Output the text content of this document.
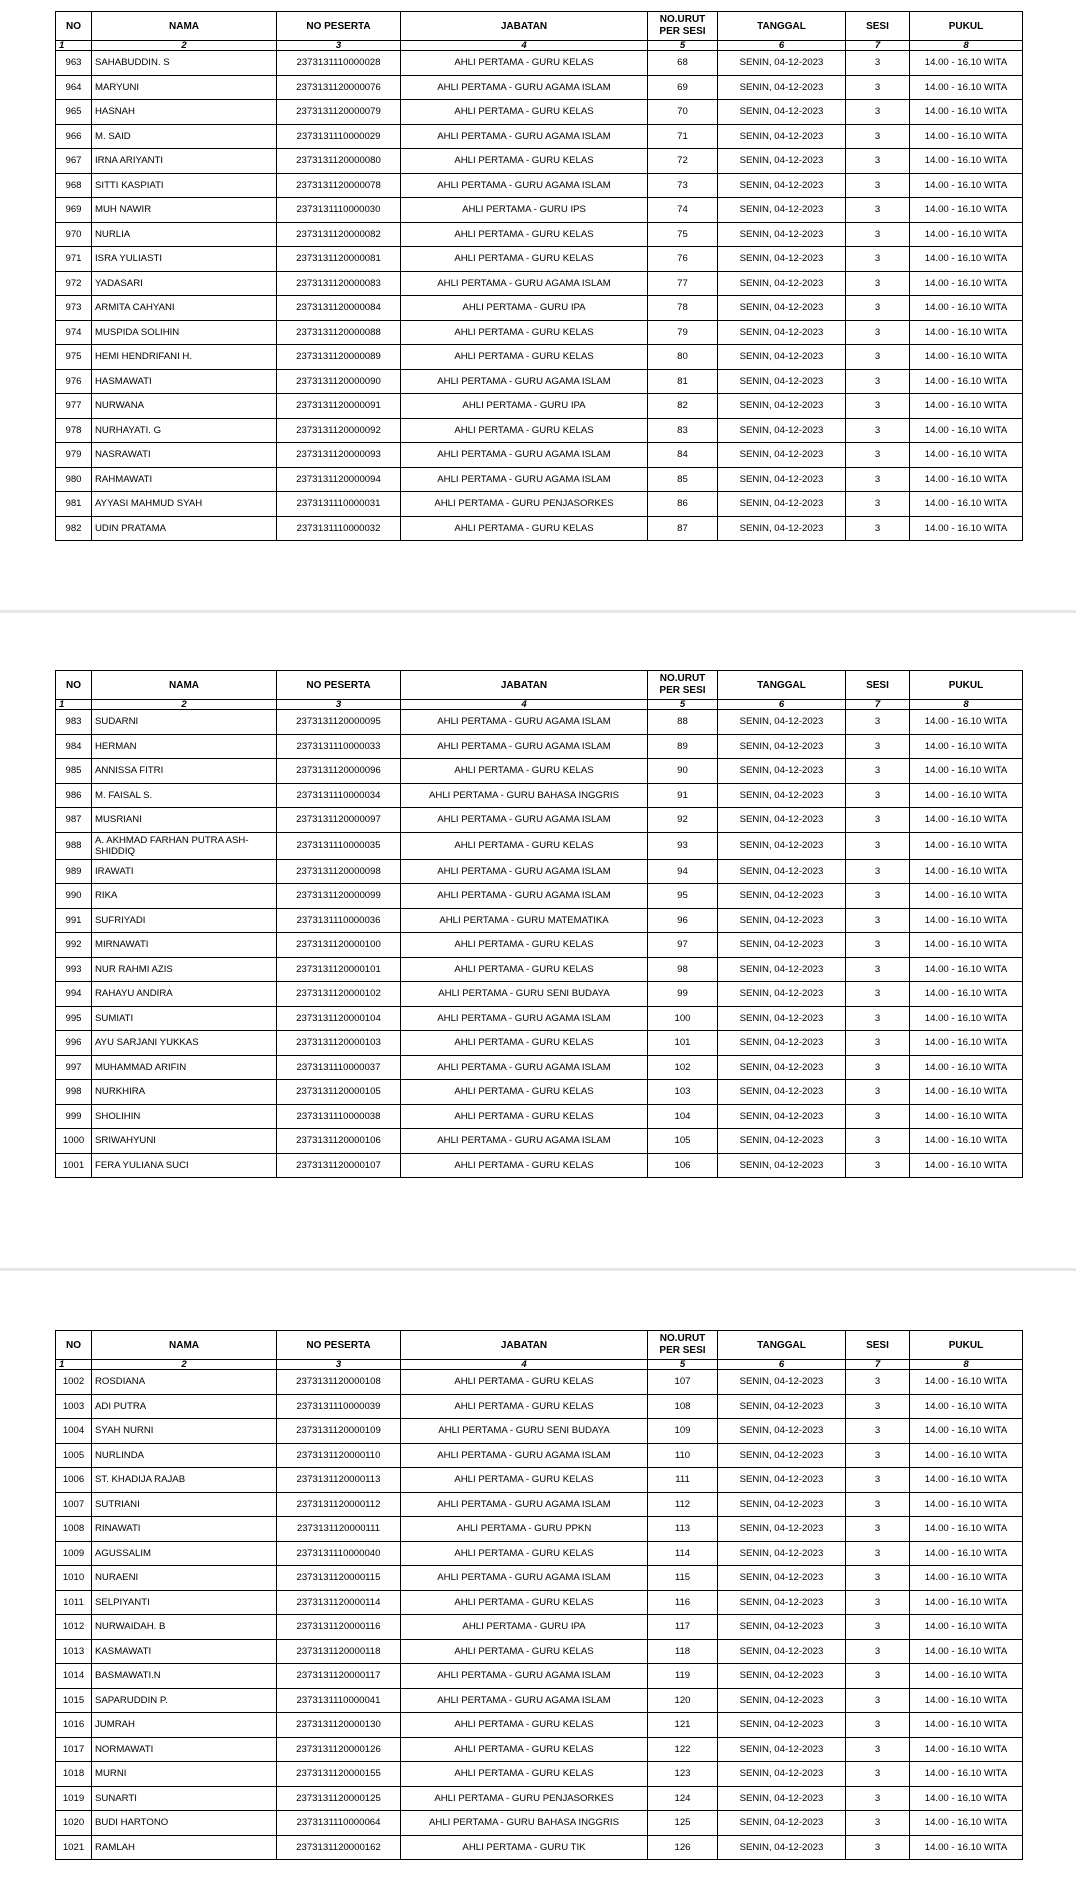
NO	NAMA	NO PESERTA	JABATAN	NO.URUT PER SESI	TANGGAL	SESI	PUKUL
1	2	3	4	5	6	7	8
963	SAHABUDDIN. S	2373131110000028	AHLI PERTAMA - GURU KELAS	68	SENIN, 04-12-2023	3	14.00 - 16.10 WITA
964	MARYUNI	2373131120000076	AHLI PERTAMA - GURU AGAMA ISLAM	69	SENIN, 04-12-2023	3	14.00 - 16.10 WITA
965	HASNAH	2373131120000079	AHLI PERTAMA - GURU KELAS	70	SENIN, 04-12-2023	3	14.00 - 16.10 WITA
966	M. SAID	2373131110000029	AHLI PERTAMA - GURU AGAMA ISLAM	71	SENIN, 04-12-2023	3	14.00 - 16.10 WITA
967	IRNA ARIYANTI	2373131120000080	AHLI PERTAMA - GURU KELAS	72	SENIN, 04-12-2023	3	14.00 - 16.10 WITA
968	SITTI KASPIATI	2373131120000078	AHLI PERTAMA - GURU AGAMA ISLAM	73	SENIN, 04-12-2023	3	14.00 - 16.10 WITA
969	MUH NAWIR	2373131110000030	AHLI PERTAMA - GURU IPS	74	SENIN, 04-12-2023	3	14.00 - 16.10 WITA
970	NURLIA	2373131120000082	AHLI PERTAMA - GURU KELAS	75	SENIN, 04-12-2023	3	14.00 - 16.10 WITA
971	ISRA YULIASTI	2373131120000081	AHLI PERTAMA - GURU KELAS	76	SENIN, 04-12-2023	3	14.00 - 16.10 WITA
972	YADASARI	2373131120000083	AHLI PERTAMA - GURU AGAMA ISLAM	77	SENIN, 04-12-2023	3	14.00 - 16.10 WITA
973	ARMITA CAHYANI	2373131120000084	AHLI PERTAMA - GURU IPA	78	SENIN, 04-12-2023	3	14.00 - 16.10 WITA
974	MUSPIDA SOLIHIN	2373131120000088	AHLI PERTAMA - GURU KELAS	79	SENIN, 04-12-2023	3	14.00 - 16.10 WITA
975	HEMI HENDRIFANI H.	2373131120000089	AHLI PERTAMA - GURU KELAS	80	SENIN, 04-12-2023	3	14.00 - 16.10 WITA
976	HASMAWATI	2373131120000090	AHLI PERTAMA - GURU AGAMA ISLAM	81	SENIN, 04-12-2023	3	14.00 - 16.10 WITA
977	NURWANA	2373131120000091	AHLI PERTAMA - GURU IPA	82	SENIN, 04-12-2023	3	14.00 - 16.10 WITA
978	NURHAYATI. G	2373131120000092	AHLI PERTAMA - GURU KELAS	83	SENIN, 04-12-2023	3	14.00 - 16.10 WITA
979	NASRAWATI	2373131120000093	AHLI PERTAMA - GURU AGAMA ISLAM	84	SENIN, 04-12-2023	3	14.00 - 16.10 WITA
980	RAHMAWATI	2373131120000094	AHLI PERTAMA - GURU AGAMA ISLAM	85	SENIN, 04-12-2023	3	14.00 - 16.10 WITA
981	AYYASI MAHMUD SYAH	2373131110000031	AHLI PERTAMA - GURU PENJASORKES	86	SENIN, 04-12-2023	3	14.00 - 16.10 WITA
982	UDIN PRATAMA	2373131110000032	AHLI PERTAMA - GURU KELAS	87	SENIN, 04-12-2023	3	14.00 - 16.10 WITA
NO	NAMA	NO PESERTA	JABATAN	NO.URUT PER SESI	TANGGAL	SESI	PUKUL
1	2	3	4	5	6	7	8
983	SUDARNI	2373131120000095	AHLI PERTAMA - GURU AGAMA ISLAM	88	SENIN, 04-12-2023	3	14.00 - 16.10 WITA
984	HERMAN	2373131110000033	AHLI PERTAMA - GURU AGAMA ISLAM	89	SENIN, 04-12-2023	3	14.00 - 16.10 WITA
985	ANNISSA FITRI	2373131120000096	AHLI PERTAMA - GURU KELAS	90	SENIN, 04-12-2023	3	14.00 - 16.10 WITA
986	M. FAISAL S.	2373131110000034	AHLI PERTAMA - GURU BAHASA INGGRIS	91	SENIN, 04-12-2023	3	14.00 - 16.10 WITA
987	MUSRIANI	2373131120000097	AHLI PERTAMA - GURU AGAMA ISLAM	92	SENIN, 04-12-2023	3	14.00 - 16.10 WITA
988	A. AKHMAD FARHAN PUTRA ASH-SHIDDIQ	2373131110000035	AHLI PERTAMA - GURU KELAS	93	SENIN, 04-12-2023	3	14.00 - 16.10 WITA
989	IRAWATI	2373131120000098	AHLI PERTAMA - GURU AGAMA ISLAM	94	SENIN, 04-12-2023	3	14.00 - 16.10 WITA
990	RIKA	2373131120000099	AHLI PERTAMA - GURU AGAMA ISLAM	95	SENIN, 04-12-2023	3	14.00 - 16.10 WITA
991	SUFRIYADI	2373131110000036	AHLI PERTAMA - GURU MATEMATIKA	96	SENIN, 04-12-2023	3	14.00 - 16.10 WITA
992	MIRNAWATI	2373131120000100	AHLI PERTAMA - GURU KELAS	97	SENIN, 04-12-2023	3	14.00 - 16.10 WITA
993	NUR RAHMI AZIS	2373131120000101	AHLI PERTAMA - GURU KELAS	98	SENIN, 04-12-2023	3	14.00 - 16.10 WITA
994	RAHAYU ANDIRA	2373131120000102	AHLI PERTAMA - GURU SENI BUDAYA	99	SENIN, 04-12-2023	3	14.00 - 16.10 WITA
995	SUMIATI	2373131120000104	AHLI PERTAMA - GURU AGAMA ISLAM	100	SENIN, 04-12-2023	3	14.00 - 16.10 WITA
996	AYU SARJANI YUKKAS	2373131120000103	AHLI PERTAMA - GURU KELAS	101	SENIN, 04-12-2023	3	14.00 - 16.10 WITA
997	MUHAMMAD ARIFIN	2373131110000037	AHLI PERTAMA - GURU AGAMA ISLAM	102	SENIN, 04-12-2023	3	14.00 - 16.10 WITA
998	NURKHIRA	2373131120000105	AHLI PERTAMA - GURU KELAS	103	SENIN, 04-12-2023	3	14.00 - 16.10 WITA
999	SHOLIHIN	2373131110000038	AHLI PERTAMA - GURU KELAS	104	SENIN, 04-12-2023	3	14.00 - 16.10 WITA
1000	SRIWAHYUNI	2373131120000106	AHLI PERTAMA - GURU AGAMA ISLAM	105	SENIN, 04-12-2023	3	14.00 - 16.10 WITA
1001	FERA YULIANA SUCI	2373131120000107	AHLI PERTAMA - GURU KELAS	106	SENIN, 04-12-2023	3	14.00 - 16.10 WITA
NO	NAMA	NO PESERTA	JABATAN	NO.URUT PER SESI	TANGGAL	SESI	PUKUL
1	2	3	4	5	6	7	8
1002	ROSDIANA	2373131120000108	AHLI PERTAMA - GURU KELAS	107	SENIN, 04-12-2023	3	14.00 - 16.10 WITA
1003	ADI PUTRA	2373131110000039	AHLI PERTAMA - GURU KELAS	108	SENIN, 04-12-2023	3	14.00 - 16.10 WITA
1004	SYAH NURNI	2373131120000109	AHLI PERTAMA - GURU SENI BUDAYA	109	SENIN, 04-12-2023	3	14.00 - 16.10 WITA
1005	NURLINDA	2373131120000110	AHLI PERTAMA - GURU AGAMA ISLAM	110	SENIN, 04-12-2023	3	14.00 - 16.10 WITA
1006	ST. KHADIJA RAJAB	2373131120000113	AHLI PERTAMA - GURU KELAS	111	SENIN, 04-12-2023	3	14.00 - 16.10 WITA
1007	SUTRIANI	2373131120000112	AHLI PERTAMA - GURU AGAMA ISLAM	112	SENIN, 04-12-2023	3	14.00 - 16.10 WITA
1008	RINAWATI	2373131120000111	AHLI PERTAMA - GURU PPKN	113	SENIN, 04-12-2023	3	14.00 - 16.10 WITA
1009	AGUSSALIM	2373131110000040	AHLI PERTAMA - GURU KELAS	114	SENIN, 04-12-2023	3	14.00 - 16.10 WITA
1010	NURAENI	2373131120000115	AHLI PERTAMA - GURU AGAMA ISLAM	115	SENIN, 04-12-2023	3	14.00 - 16.10 WITA
1011	SELPIYANTI	2373131120000114	AHLI PERTAMA - GURU KELAS	116	SENIN, 04-12-2023	3	14.00 - 16.10 WITA
1012	NURWAIDAH. B	2373131120000116	AHLI PERTAMA - GURU IPA	117	SENIN, 04-12-2023	3	14.00 - 16.10 WITA
1013	KASMAWATI	2373131120000118	AHLI PERTAMA - GURU KELAS	118	SENIN, 04-12-2023	3	14.00 - 16.10 WITA
1014	BASMAWATI.N	2373131120000117	AHLI PERTAMA - GURU AGAMA ISLAM	119	SENIN, 04-12-2023	3	14.00 - 16.10 WITA
1015	SAPARUDDIN P.	2373131110000041	AHLI PERTAMA - GURU AGAMA ISLAM	120	SENIN, 04-12-2023	3	14.00 - 16.10 WITA
1016	JUMRAH	2373131120000130	AHLI PERTAMA - GURU KELAS	121	SENIN, 04-12-2023	3	14.00 - 16.10 WITA
1017	NORMAWATI	2373131120000126	AHLI PERTAMA - GURU KELAS	122	SENIN, 04-12-2023	3	14.00 - 16.10 WITA
1018	MURNI	2373131120000155	AHLI PERTAMA - GURU KELAS	123	SENIN, 04-12-2023	3	14.00 - 16.10 WITA
1019	SUNARTI	2373131120000125	AHLI PERTAMA - GURU PENJASORKES	124	SENIN, 04-12-2023	3	14.00 - 16.10 WITA
1020	BUDI HARTONO	2373131110000064	AHLI PERTAMA - GURU BAHASA INGGRIS	125	SENIN, 04-12-2023	3	14.00 - 16.10 WITA
1021	RAMLAH	2373131120000162	AHLI PERTAMA - GURU TIK	126	SENIN, 04-12-2023	3	14.00 - 16.10 WITA
